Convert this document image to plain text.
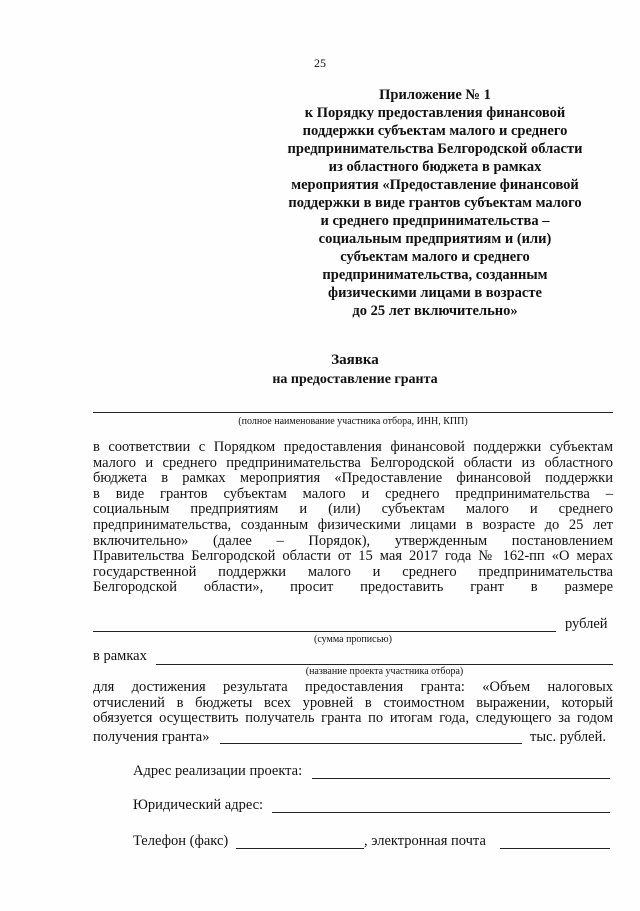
25
Приложение № 1
к Порядку предоставления финансовой
поддержки субъектам малого и среднего
предпринимательства Белгородской области
из областного бюджета в рамках
мероприятия «Предоставление финансовой
поддержки в виде грантов субъектам малого
и среднего предпринимательства –
социальным предприятиям и (или)
субъектам малого и среднего
предпринимательства, созданным
физическими лицами в возрасте
до 25 лет включительно»
Заявка
на предоставление гранта
(полное наименование участника отбора, ИНН, КПП)
в соответствии с Порядком предоставления финансовой поддержки субъектам
малого и среднего предпринимательства Белгородской области из областного
бюджета в рамках мероприятия «Предоставление финансовой поддержки
в виде грантов субъектам малого и среднего предпринимательства –
социальным предприятиям и (или) субъектам малого и среднего
предпринимательства, созданным физическими лицами в возрасте до 25 лет
включительно» (далее – Порядок), утвержденным постановлением
Правительства Белгородской области от 15 мая 2017 года № 162-пп «О мерах
государственной поддержки малого и среднего предпринимательства
Белгородской области», просит предоставить грант в размере
рублей
(сумма прописью)
в рамках
(название проекта участника отбора)
для достижения результата предоставления гранта: «Объем налоговых
отчислений в бюджеты всех уровней в стоимостном выражении, который
обязуется осуществить получатель гранта по итогам года, следующего за годом
получения гранта»	тыс. рублей.
Адрес реализации проекта:
Юридический адрес:
Телефон (факс)	, электронная почта
